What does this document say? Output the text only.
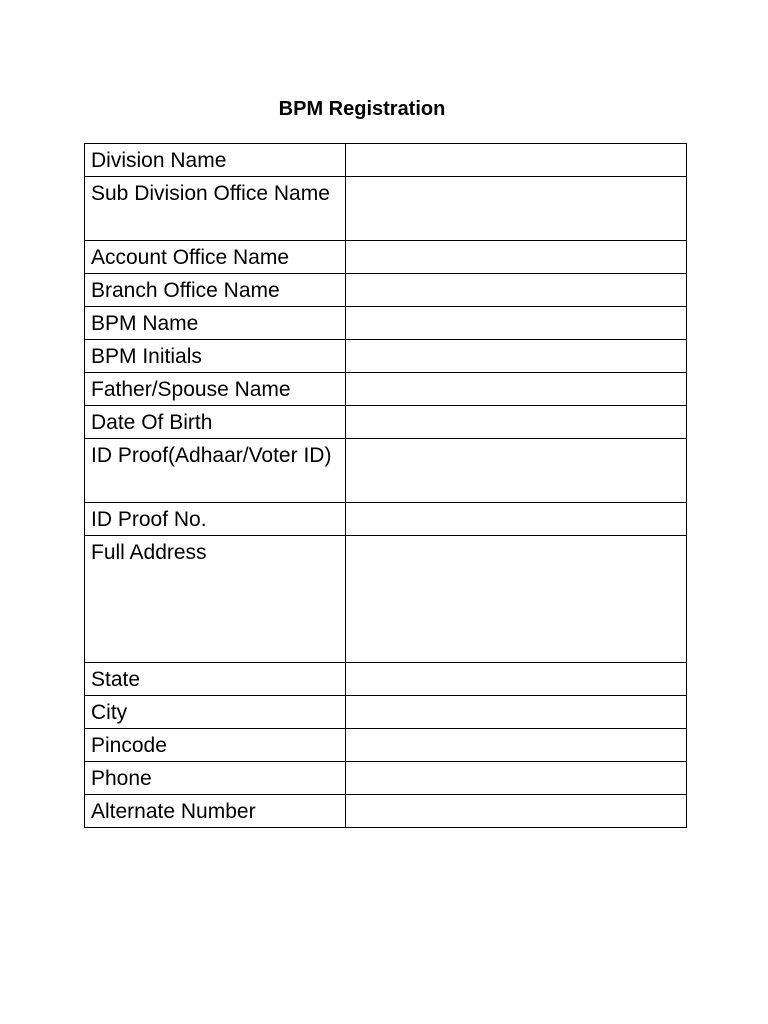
BPM Registration
Division Name	
Sub Division Office Name	
Account Office Name	
Branch Office Name	
BPM Name	
BPM Initials	
Father/Spouse Name	
Date Of Birth	
ID Proof(Adhaar/Voter ID)	
ID Proof No.	
Full Address	
State	
City	
Pincode	
Phone	
Alternate Number	
